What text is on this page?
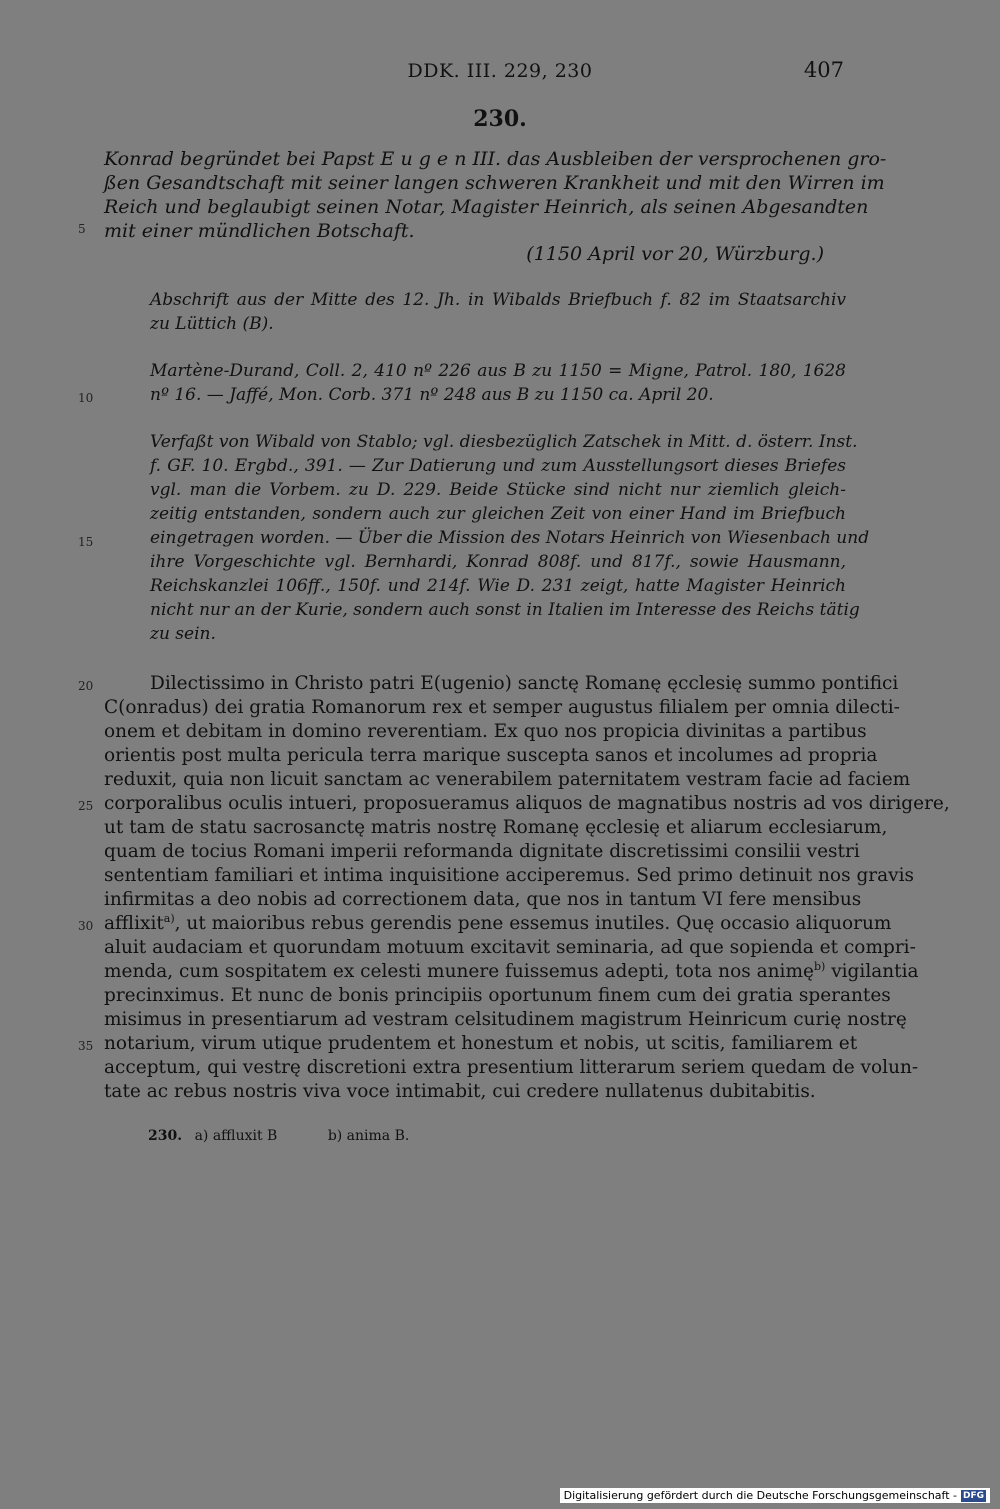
DDK. III. 229, 230	407
230.
Konrad begründet bei Papst E u g e n III. das Ausbleiben der versprochenen gro-
ßen Gesandtschaft mit seiner langen schweren Krankheit und mit den Wirren im
Reich und beglaubigt seinen Notar, Magister Heinrich, als seinen Abgesandten
mit einer mündlichen Botschaft.
(1150 April vor 20, Würzburg.)
Abschrift aus der Mitte des 12. Jh. in Wibalds Briefbuch f. 82 im Staatsarchiv
zu Lüttich (B).
Martène-Durand, Coll. 2, 410 nº 226 aus B zu 1150 = Migne, Patrol. 180, 1628
nº 16. — Jaffé, Mon. Corb. 371 nº 248 aus B zu 1150 ca. April 20.
Verfaßt von Wibald von Stablo; vgl. diesbezüglich Zatschek in Mitt. d. österr. Inst.
f. GF. 10. Ergbd., 391. — Zur Datierung und zum Ausstellungsort dieses Briefes
vgl. man die Vorbem. zu D. 229. Beide Stücke sind nicht nur ziemlich gleich-
zeitig entstanden, sondern auch zur gleichen Zeit von einer Hand im Briefbuch
eingetragen worden. — Über die Mission des Notars Heinrich von Wiesenbach und
ihre Vorgeschichte vgl. Bernhardi, Konrad 808f. und 817f., sowie Hausmann,
Reichskanzlei 106ff., 150f. und 214f. Wie D. 231 zeigt, hatte Magister Heinrich
nicht nur an der Kurie, sondern auch sonst in Italien im Interesse des Reichs tätig
zu sein.
Dilectissimo in Christo patri E(ugenio) sanctę Romanę ęcclesię summo pontifici
C(onradus) dei gratia Romanorum rex et semper augustus filialem per omnia dilecti-
onem et debitam in domino reverentiam. Ex quo nos propicia divinitas a partibus
orientis post multa pericula terra marique suscepta sanos et incolumes ad propria
reduxit, quia non licuit sanctam ac venerabilem paternitatem vestram facie ad faciem
corporalibus oculis intueri, proposueramus aliquos de magnatibus nostris ad vos dirigere,
ut tam de statu sacrosanctę matris nostrę Romanę ęcclesię et aliarum ecclesiarum,
quam de tocius Romani imperii reformanda dignitate discretissimi consilii vestri
sententiam familiari et intima inquisitione acciperemus. Sed primo detinuit nos gravis
infirmitas a deo nobis ad correctionem data, que nos in tantum VI fere mensibus
afflixit$^{a)}$, ut maioribus rebus gerendis pene essemus inutiles. Quę occasio aliquorum
aluit audaciam et quorundam motuum excitavit seminaria, ad que sopienda et compri-
menda, cum sospitatem ex celesti munere fuissemus adepti, tota nos animę$^{b)}$ vigilantia
precinximus. Et nunc de bonis principiis oportunum finem cum dei gratia sperantes
misimus in presentiarum ad vestram celsitudinem magistrum Heinricum curię nostrę
notarium, virum utique prudentem et honestum et nobis, ut scitis, familiarem et
acceptum, qui vestrę discretioni extra presentium litterarum seriem quedam de volun-
tate ac rebus nostris viva voce intimabit, cui credere nullatenus dubitabitis.
5
10
15
20
25
30
35
230. a) affluxit B	b) anima B.
Digitalisierung gefördert durch die Deutsche Forschungsgemeinschaft - DFG
